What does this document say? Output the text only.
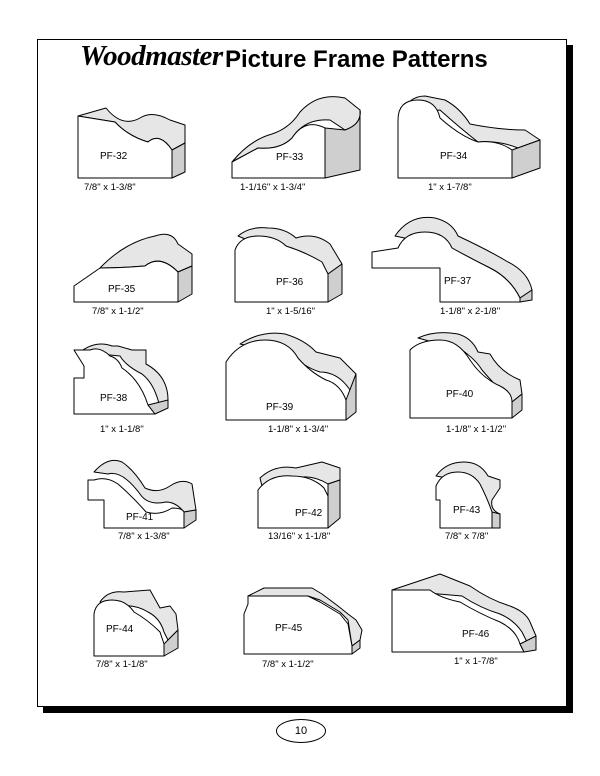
Woodmaster Picture Frame Patterns
PF-32	PF-33	PF-34
PF-35
PF-36	PF-37
PF-38
PF-39
PF-40
PF-41	PF-42	PF-43
PF-44	PF-45
PF-46
7/8" x 1-3/8"	1-1/16" x 1-3/4"	1" x 1-7/8"
7/8" x 1-1/2"	1" x 1-5/16"	1-1/8" x 2-1/8"
1" x 1-1/8"	1-1/8" x 1-3/4"	1-1/8" x 1-1/2"
7/8" x 1-3/8"	13/16" x 1-1/8"	7/8" x 7/8"
7/8" x 1-1/8"	7/8" x 1-1/2"	1" x 1-7/8"
10
